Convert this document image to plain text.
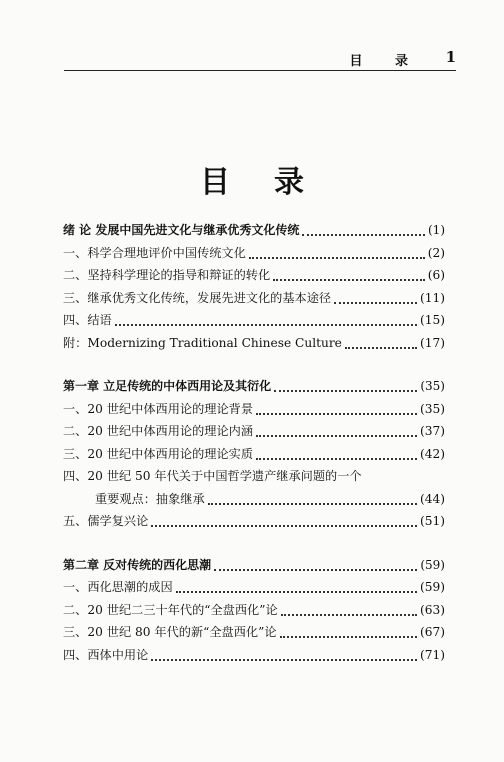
目 录 1
目录
绪 论 发展中国先进文化与继承优秀文化传统	(1)
一、科学合理地评价中国传统文化	(2)
二、坚持科学理论的指导和辩证的转化	(6)
三、继承优秀文化传统，发展先进文化的基本途径	(11)
四、结语	(15)
附：Modernizing Traditional Chinese Culture	(17)
第一章 立足传统的中体西用论及其衍化	(35)
一、20 世纪中体西用论的理论背景	(35)
二、20 世纪中体西用论的理论内涵	(37)
三、20 世纪中体西用论的理论实质	(42)
四、20 世纪 50 年代关于中国哲学遗产继承问题的一个
重要观点：抽象继承	(44)
五、儒学复兴论	(51)
第二章 反对传统的西化思潮	(59)
一、西化思潮的成因	(59)
二、20 世纪二三十年代的“全盘西化”论	(63)
三、20 世纪 80 年代的新“全盘西化”论	(67)
四、西体中用论	(71)
